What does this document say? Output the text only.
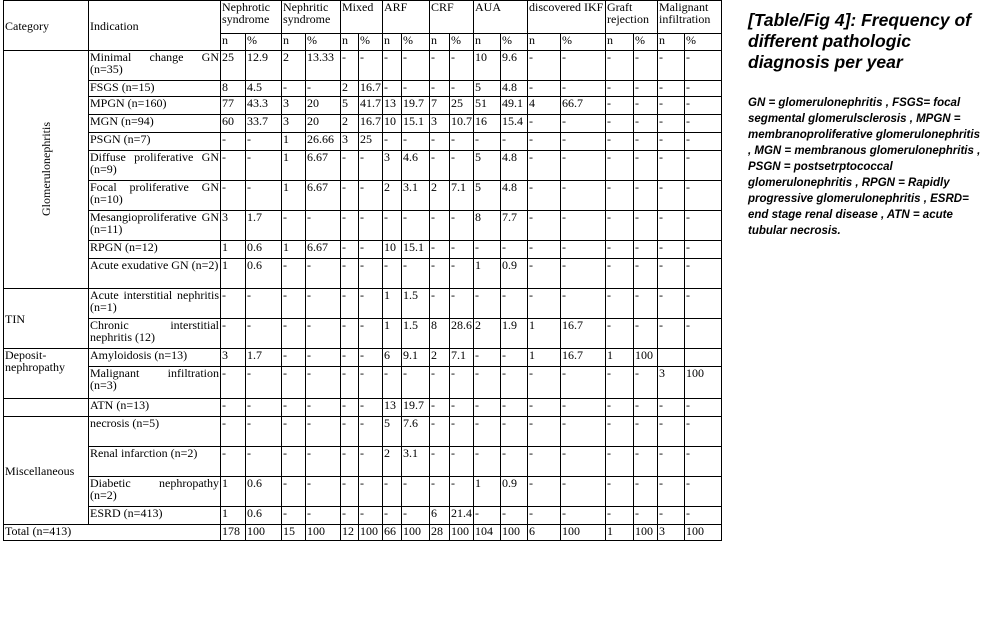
Category	Indication	Nephrotic syndrome		Nephritic syndrome		Mixed		ARF		CRF		AUA		discovered IKF		Graft rejection		Malignant infiltration	
		n	%	n	%	n	%	n	%	n	%	n	%	n	%	n	%	n	%
Glomerulonephritis	Minimal change GN (n=35)	25	12.9	2	13.33	-	-	-	-	-	-	10	9.6	-	-	-	-	-	-
	FSGS (n=15)	8	4.5	-	-	2	16.7	-	-	-	-	5	4.8	-	-	-	-	-	-
	MPGN (n=160)	77	43.3	3	20	5	41.7	13	19.7	7	25	51	49.1	4	66.7	-	-	-	-
	MGN (n=94)	60	33.7	3	20	2	16.7	10	15.1	3	10.7	16	15.4	-	-	-	-	-	-
	PSGN (n=7)	-	-	1	26.66	3	25	-	-	-	-	-	-	-	-	-	-	-	-
	Diffuse proliferative GN (n=9)	-	-	1	6.67	-	-	3	4.6	-	-	5	4.8	-	-	-	-	-	-
	Focal proliferative GN (n=10)	-	-	1	6.67	-	-	2	3.1	2	7.1	5	4.8	-	-	-	-	-	-
	Mesangioproliferative GN (n=11)	3	1.7	-	-	-	-	-	-	-	-	8	7.7	-	-	-	-	-	-
	RPGN (n=12)	1	0.6	1	6.67	-	-	10	15.1	-	-	-	-	-	-	-	-	-	-
	Acute exudative GN (n=2)	1	0.6	-	-	-	-	-	-	-	-	1	0.9	-	-	-	-	-	-
TIN	Acute interstitial nephritis (n=1)	-	-	-	-	-	-	1	1.5	-	-	-	-	-	-	-	-	-	-
	Chronic interstitial nephritis (12)	-	-	-	-	-	-	1	1.5	8	28.6	2	1.9	1	16.7	-	-	-	-
Deposit-nephropathy	Amyloidosis (n=13)	3	1.7	-	-	-	-	6	9.1	2	7.1	-	-	1	16.7	1	100		
	Malignant infiltration (n=3)	-	-	-	-	-	-	-	-	-	-	-	-	-	-	-	-	3	100
	ATN (n=13)	-	-	-	-	-	-	13	19.7	-	-	-	-	-	-	-	-	-	-
Miscellaneous	necrosis (n=5)	-	-	-	-	-	-	5	7.6	-	-	-	-	-	-	-	-	-	-
	Renal infarction (n=2)	-	-	-	-	-	-	2	3.1	-	-	-	-	-	-	-	-	-	-
	Diabetic nephropathy (n=2)	1	0.6	-	-	-	-	-	-	-	-	1	0.9	-	-	-	-	-	-
	ESRD (n=413)	1	0.6	-	-	-	-	-	-	6	21.4	-	-	-	-	-	-	-	-
Total (n=413)		178	100	15	100	12	100	66	100	28	100	104	100	6	100	1	100	3	100

[Table/Fig 4]: Frequency of different pathologic diagnosis per year

GN = glomerulonephritis , FSGS= focal segmental glomerulsclerosis , MPGN = membranoproliferative glomerulonephritis , MGN = membranous glomerulonephritis , PSGN = postsetrptococcal glomerulonephritis , RPGN = Rapidly progressive glomerulonephritis , ESRD= end stage renal disease , ATN = acute tubular necrosis.
